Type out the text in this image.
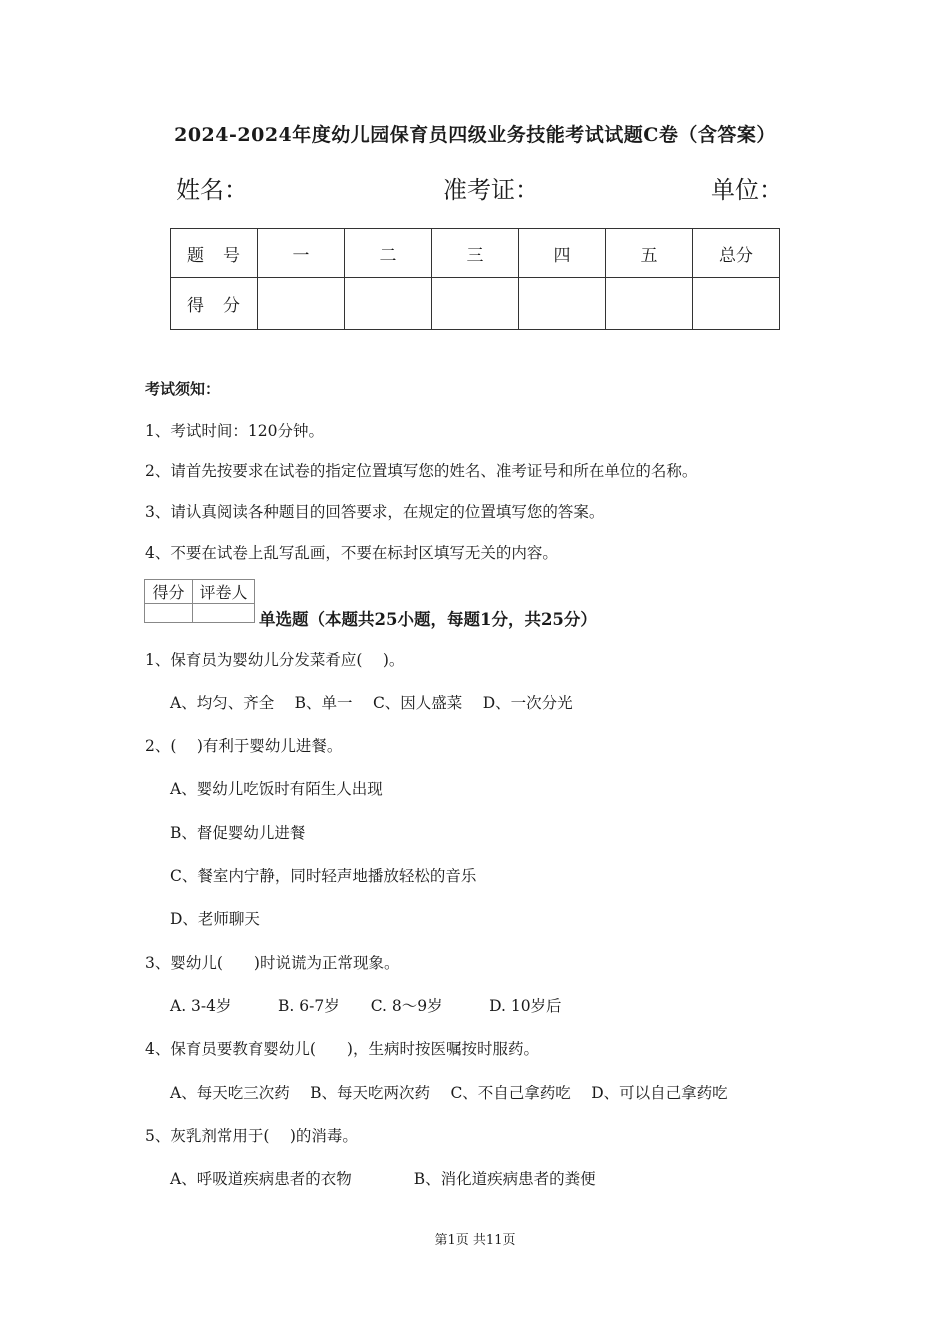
2024-2024年度幼儿园保育员四级业务技能考试试题C卷（含答案）
姓名：	准考证：	单位：
题　号	一	二	三	四	五	总分
得　分						
考试须知：
1、考试时间：120分钟。
2、请首先按要求在试卷的指定位置填写您的姓名、准考证号和所在单位的名称。
3、请认真阅读各种题目的回答要求，在规定的位置填写您的答案。
4、不要在试卷上乱写乱画，不要在标封区填写无关的内容。
得分	评卷人

单选题（本题共25小题，每题1分，共25分）
1、保育员为婴幼儿分发菜肴应(　 )。
A、均匀、齐全　 B、单一　 C、因人盛菜　 D、一次分光
2、(　 )有利于婴幼儿进餐。
A、婴幼儿吃饭时有陌生人出现
B、督促婴幼儿进餐
C、餐室内宁静，同时轻声地播放轻松的音乐
D、老师聊天
3、婴幼儿(　　)时说谎为正常现象。
A. 3-4岁　　　B. 6-7岁　　C. 8～9岁　　　D. 10岁后
4、保育员要教育婴幼儿(　　)，生病时按医嘱按时服药。
A、每天吃三次药　 B、每天吃两次药　 C、不自己拿药吃　 D、可以自己拿药吃
5、灰乳剂常用于(　 )的消毒。
A、呼吸道疾病患者的衣物　　　　B、消化道疾病患者的粪便
第1页 共11页
